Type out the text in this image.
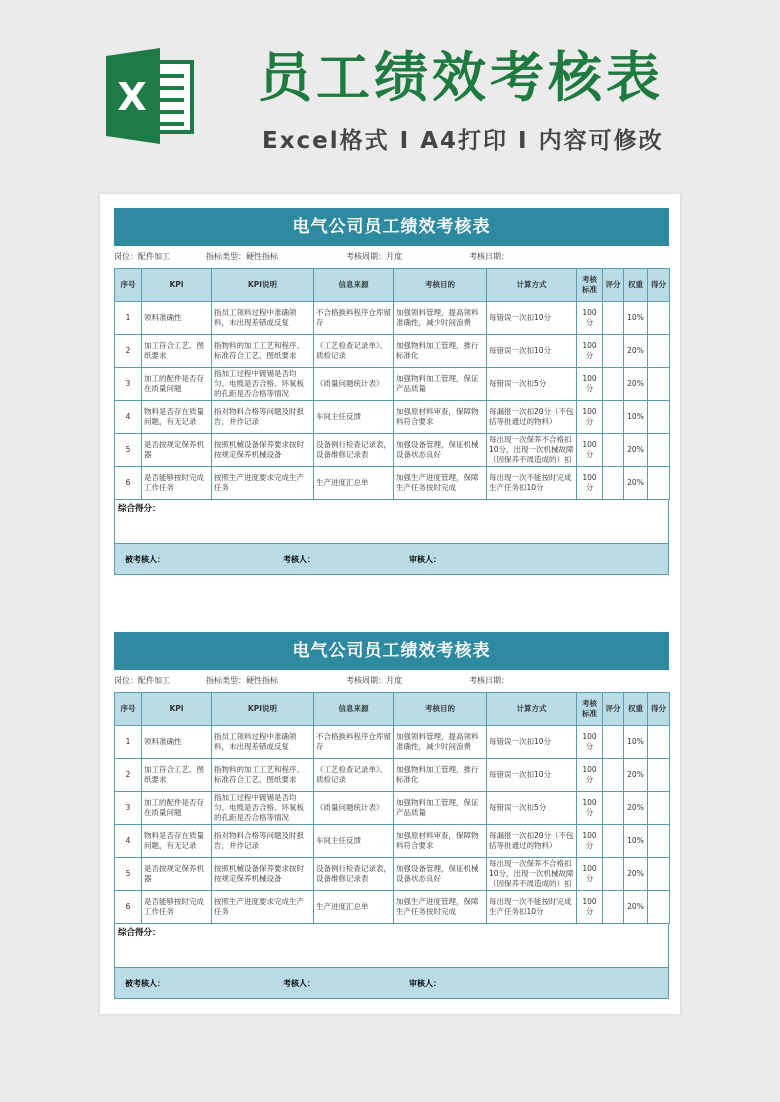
X 员工绩效考核表
Excel格式 I A4打印 I 内容可修改
电气公司员工绩效考核表
岗位：配件加工	指标类型：硬性指标	考核周期：月度	考核日期：
序号	KPI	KPI说明	信息来源	考核目的	计算方式	考核标准	评分	权重	得分
1	领料准确性	指员工领料过程中准确领料，未出现差错或反复	不合格换料程序仓库留存	加强领料管理，提高领料准确性，减少时间浪费	每错误一次扣10分	100分		10%	
2	加工符合工艺、图纸要求	指物料的加工工艺和程序、标准符合工艺、图纸要求	《工艺检查记录单》、质检记录	加强物料加工管理，推行标准化	每错误一次扣10分	100分		20%	
3	加工的配件是否存在质量问题	指加工过程中镀锡是否均匀、电缆是否合格、环氧板的孔距是否合格等情况	《质量问题统计表》	加强物料加工管理，保证产品质量	每错误一次扣5分	100分		20%	
4	物料是否存在质量问题，有无记录	指对物料合格等问题及时报告，并作记录	车间主任反馈	加强原材料审查，保障物料符合要求	每漏报一次扣20分（不包括等批通过的物料）	100分		10%	
5	是否按规定保养机器	按照机械设备保养要求按时按规定保养机械设备	设备例行检查记录表，设备维修记录表	加强设备管理，保证机械设备状态良好	每出现一次保养不合格扣10分，出现一次机械故障（因保养不周造成的）扣	100分		20%	
6	是否能够按时完成工作任务	按照生产进度要求完成生产任务	生产进度汇总单	加强生产进度管理，保障生产任务按时完成	每出现一次不能按时完成生产任务扣10分	100分		20%	
综合得分：
被考核人：	考核人：	审核人：
电气公司员工绩效考核表
岗位：配件加工	指标类型：硬性指标	考核周期：月度	考核日期：
序号	KPI	KPI说明	信息来源	考核目的	计算方式	考核标准	评分	权重	得分
1	领料准确性	指员工领料过程中准确领料，未出现差错或反复	不合格换料程序仓库留存	加强领料管理，提高领料准确性，减少时间浪费	每错误一次扣10分	100分		10%	
2	加工符合工艺、图纸要求	指物料的加工工艺和程序、标准符合工艺、图纸要求	《工艺检查记录单》、质检记录	加强物料加工管理，推行标准化	每错误一次扣10分	100分		20%	
3	加工的配件是否存在质量问题	指加工过程中镀锡是否均匀、电缆是否合格、环氧板的孔距是否合格等情况	《质量问题统计表》	加强物料加工管理，保证产品质量	每错误一次扣5分	100分		20%	
4	物料是否存在质量问题，有无记录	指对物料合格等问题及时报告，并作记录	车间主任反馈	加强原材料审查，保障物料符合要求	每漏报一次扣20分（不包括等批通过的物料）	100分		10%	
5	是否按规定保养机器	按照机械设备保养要求按时按规定保养机械设备	设备例行检查记录表，设备维修记录表	加强设备管理，保证机械设备状态良好	每出现一次保养不合格扣10分，出现一次机械故障（因保养不周造成的）扣	100分		20%	
6	是否能够按时完成工作任务	按照生产进度要求完成生产任务	生产进度汇总单	加强生产进度管理，保障生产任务按时完成	每出现一次不能按时完成生产任务扣10分	100分		20%	
综合得分：
被考核人：	考核人：	审核人：
